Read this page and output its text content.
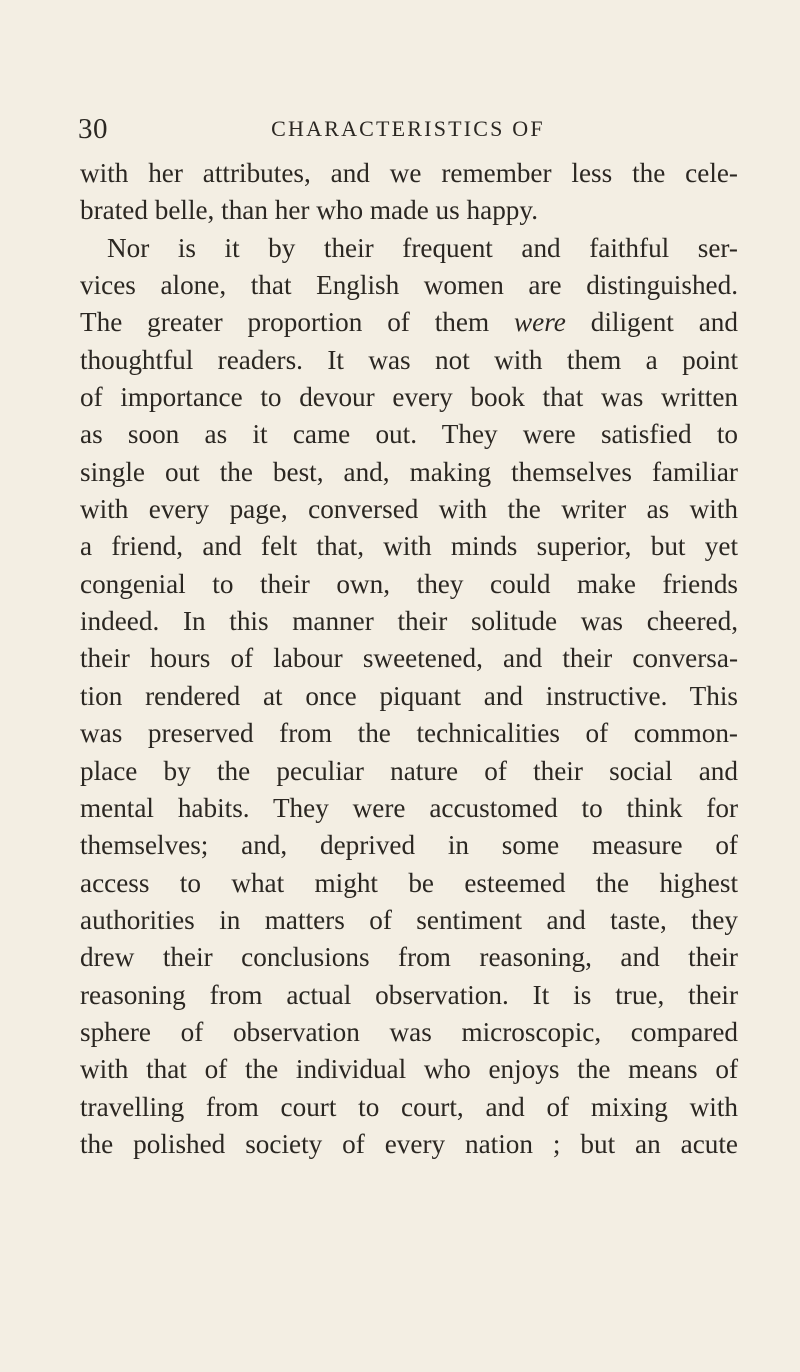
30	CHARACTERISTICS OF
with her attributes, and we remember less the cele-
brated belle, than her who made us happy.
Nor is it by their frequent and faithful ser-
vices alone, that English women are distinguished.
The greater proportion of them were diligent and
thoughtful readers. It was not with them a point
of importance to devour every book that was written
as soon as it came out. They were satisfied to
single out the best, and, making themselves familiar
with every page, conversed with the writer as with
a friend, and felt that, with minds superior, but yet
congenial to their own, they could make friends
indeed. In this manner their solitude was cheered,
their hours of labour sweetened, and their conversa-
tion rendered at once piquant and instructive. This
was preserved from the technicalities of common-
place by the peculiar nature of their social and
mental habits. They were accustomed to think for
themselves; and, deprived in some measure of
access to what might be esteemed the highest
authorities in matters of sentiment and taste, they
drew their conclusions from reasoning, and their
reasoning from actual observation. It is true, their
sphere of observation was microscopic, compared
with that of the individual who enjoys the means of
travelling from court to court, and of mixing with
the polished society of every nation ; but an acute
